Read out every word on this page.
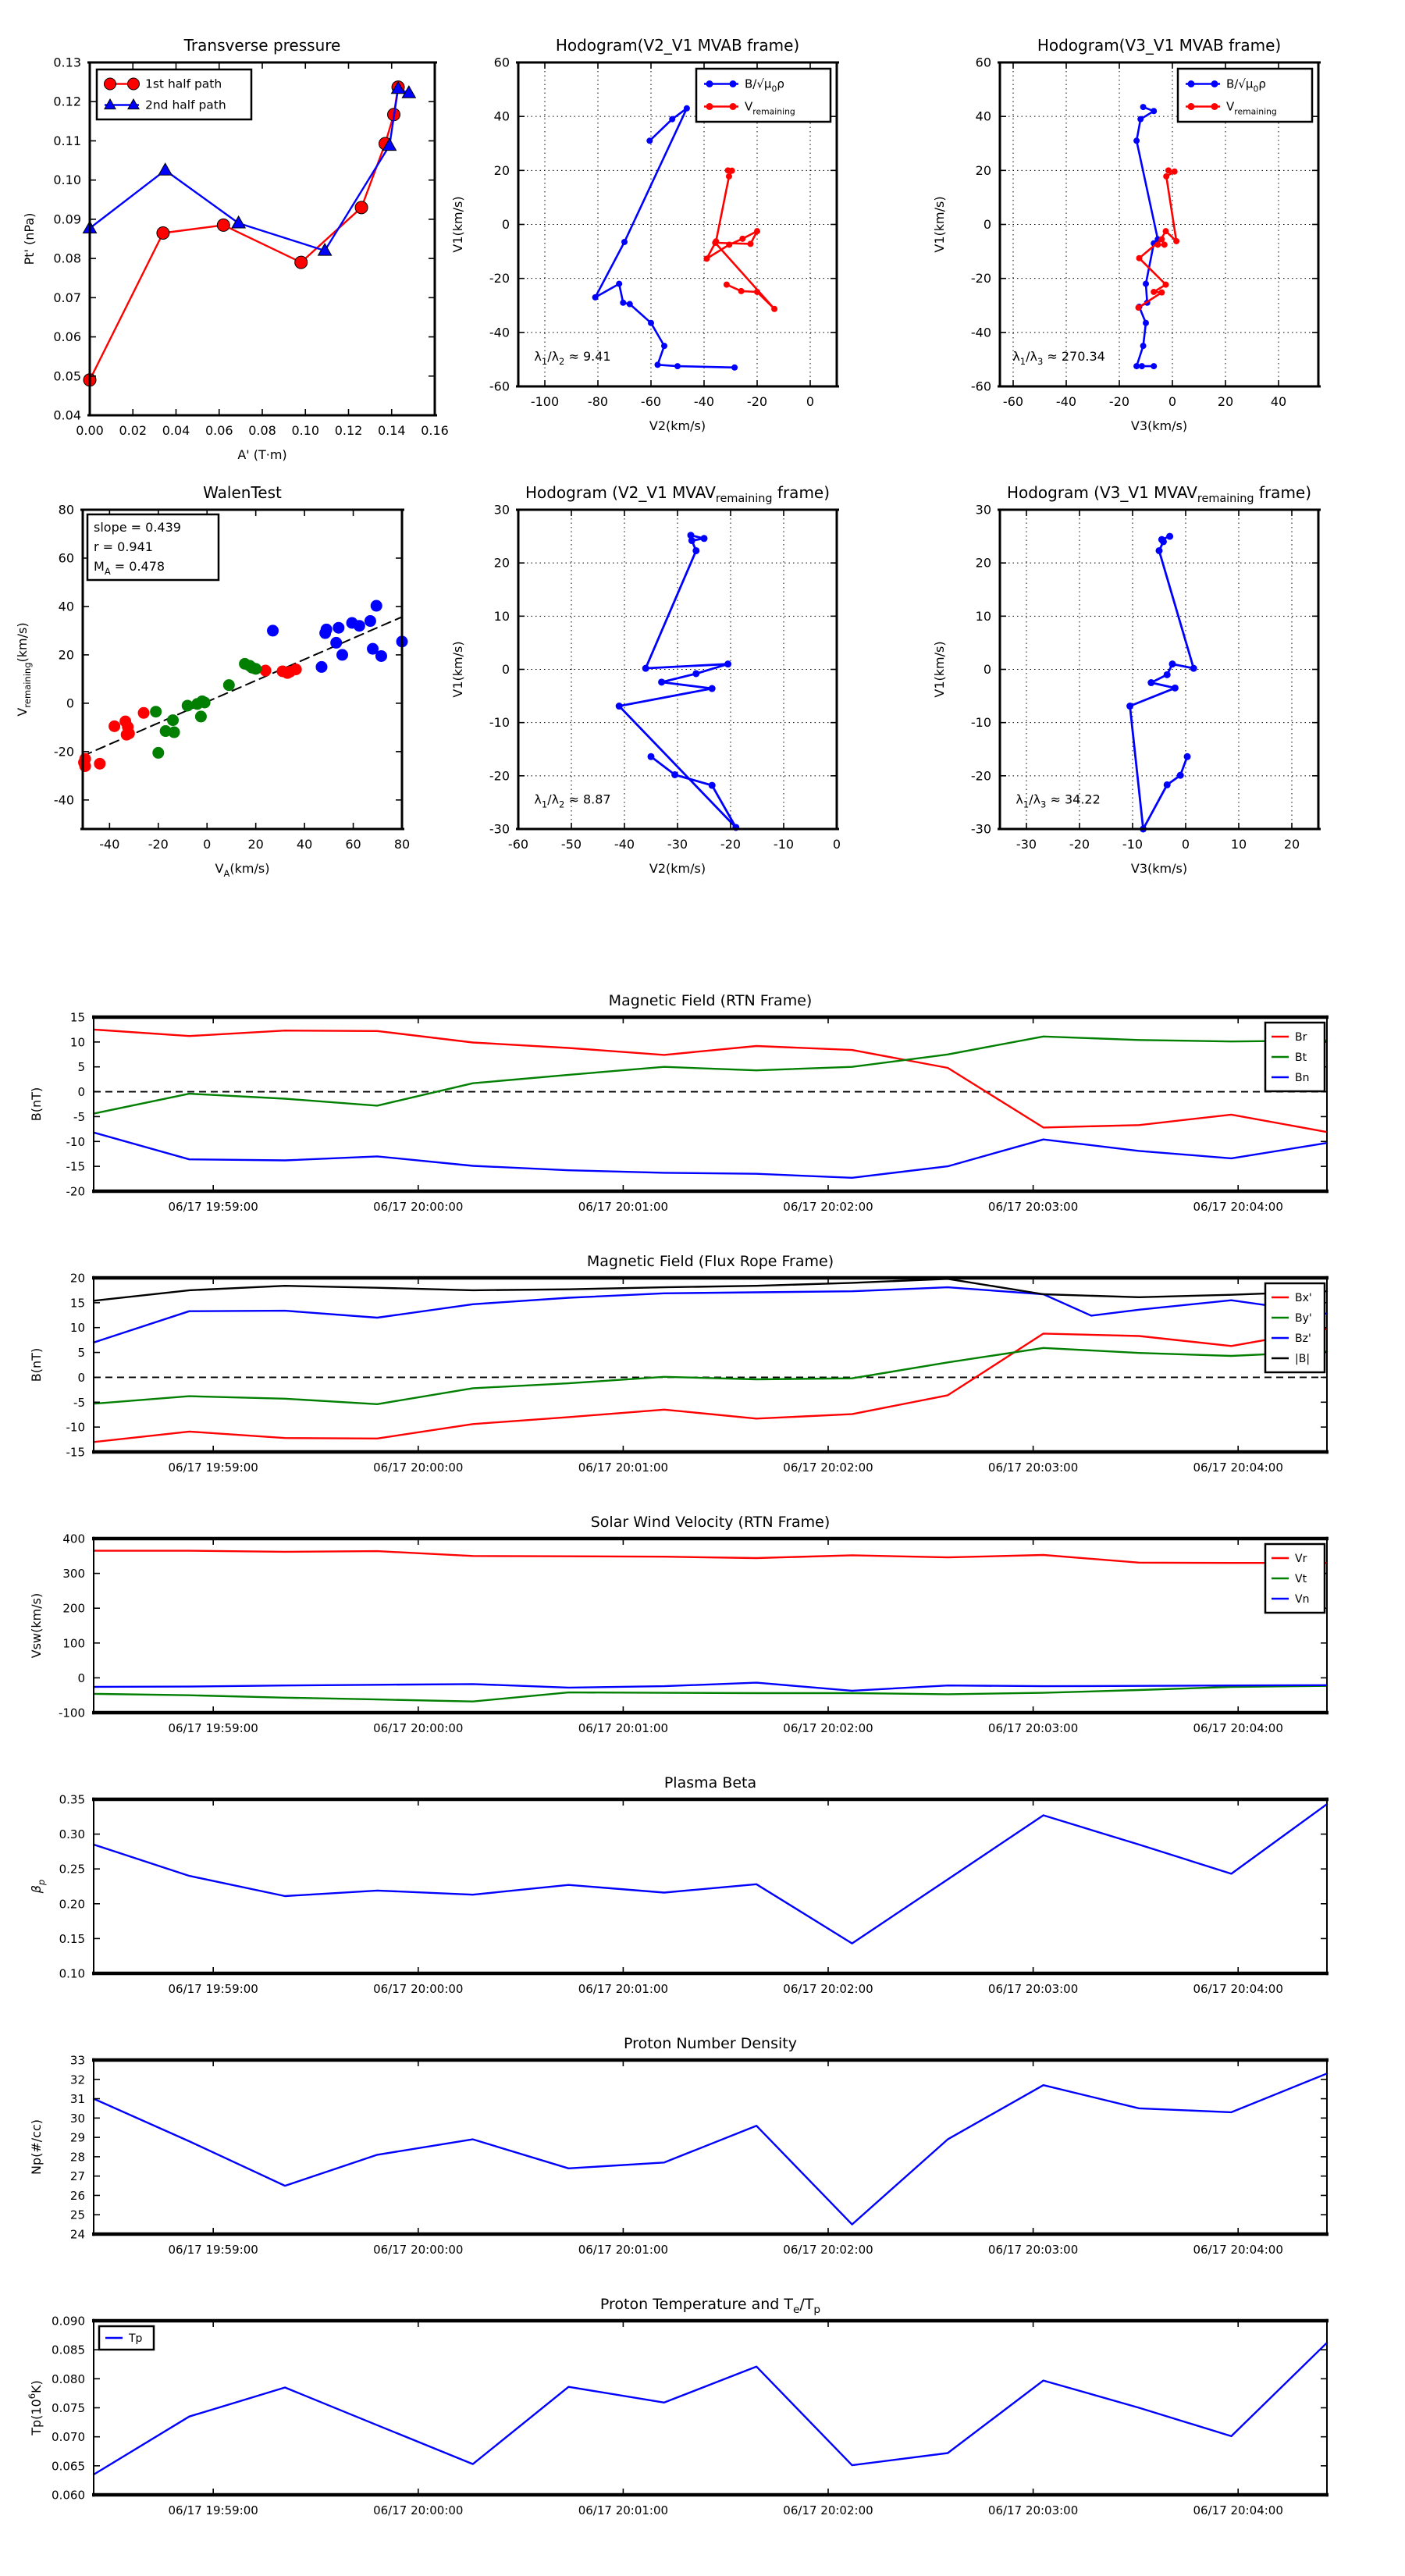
0.00 0.02 0.04 0.06 0.08 0.10 0.12 0.14 0.16
0.04
0.05
0.06
0.07
0.08
0.09
0.10
0.11
0.12
0.13
Transverse pressure
A' (T·m)
Pt' (nPa)
1st half path
2nd half path
-100 -80	-60	-40	-20	0
-60
-40
-20
0
20
40
60
Hodogram(V2_V1 MVAB frame)
V2(km/s)
V1(km/s)
$\lambda_1/\lambda_2 \approx 9.41$
$B/√\mu_0\rho$
$V_{remaining}$
-60	-40	-20	0	20	40
-60
-40
-20
0
20
40
60
Hodogram(V3_V1 MVAB frame)
V3(km/s)
V1(km/s)
$\lambda_1/\lambda_3 \approx 270.34$
$B/√\mu_0\rho$
$V_{remaining}$
-40 -20	0	20	40	60	80
-40
-20
0
20
40
60
80
WalenTest
$V_A(km/s)$
$V_{remaining}(km/s)$
slope = 0.439
r = 0.941
$M_A = 0.478$
-60	-50	-40	-30	-20	-10	0
-30
-20
-10
0
10
20
30
Hodogram (V2_V1 $MVAV_{remaining}$ frame)
V2(km/s)
V1(km/s)
$\lambda_1/\lambda_2 \approx 8.87$
-30	-20	-10	0	10	20
-30
-20
-10
0
10
20
30
Hodogram (V3_V1 $MVAV_{remaining}$ frame)
V3(km/s)
V1(km/s)
$\lambda_1/\lambda_3 \approx 34.22$
06/17 19:59:00	06/17 20:00:00	06/17 20:01:00	06/17 20:02:00	06/17 20:03:00	06/17 20:04:00
-20
-15
-10
-5
0
5
10
15
Magnetic Field (RTN Frame)
B(nT)
Br
Bt
Bn
06/17 19:59:00	06/17 20:00:00	06/17 20:01:00	06/17 20:02:00	06/17 20:03:00	06/17 20:04:00
-15
-10
-5
0
5
10
15
20
Magnetic Field (Flux Rope Frame)
B(nT)
Bx'
By'
Bz'
|B|
06/17 19:59:00	06/17 20:00:00	06/17 20:01:00	06/17 20:02:00	06/17 20:03:00	06/17 20:04:00
-100
0
100
200
300
400
Solar Wind Velocity (RTN Frame)
Vsw(km/s)
Vr
Vt
Vn
06/17 19:59:00	06/17 20:00:00	06/17 20:01:00	06/17 20:02:00	06/17 20:03:00	06/17 20:04:00
0.10
0.15
0.20
0.25
0.30
0.35
Plasma Beta
$\beta_p$
06/17 19:59:00	06/17 20:00:00	06/17 20:01:00	06/17 20:02:00	06/17 20:03:00	06/17 20:04:00
24
25
26
27
28
29
30
31
32
33
Proton Number Density
Np(#/cc)
06/17 19:59:00	06/17 20:00:00	06/17 20:01:00	06/17 20:02:00	06/17 20:03:00	06/17 20:04:00
0.060
0.065
0.070
0.075
0.080
0.085
0.090
Proton Temperature and $T_e/T_p$
$Tp(10^6K)$
Tp
